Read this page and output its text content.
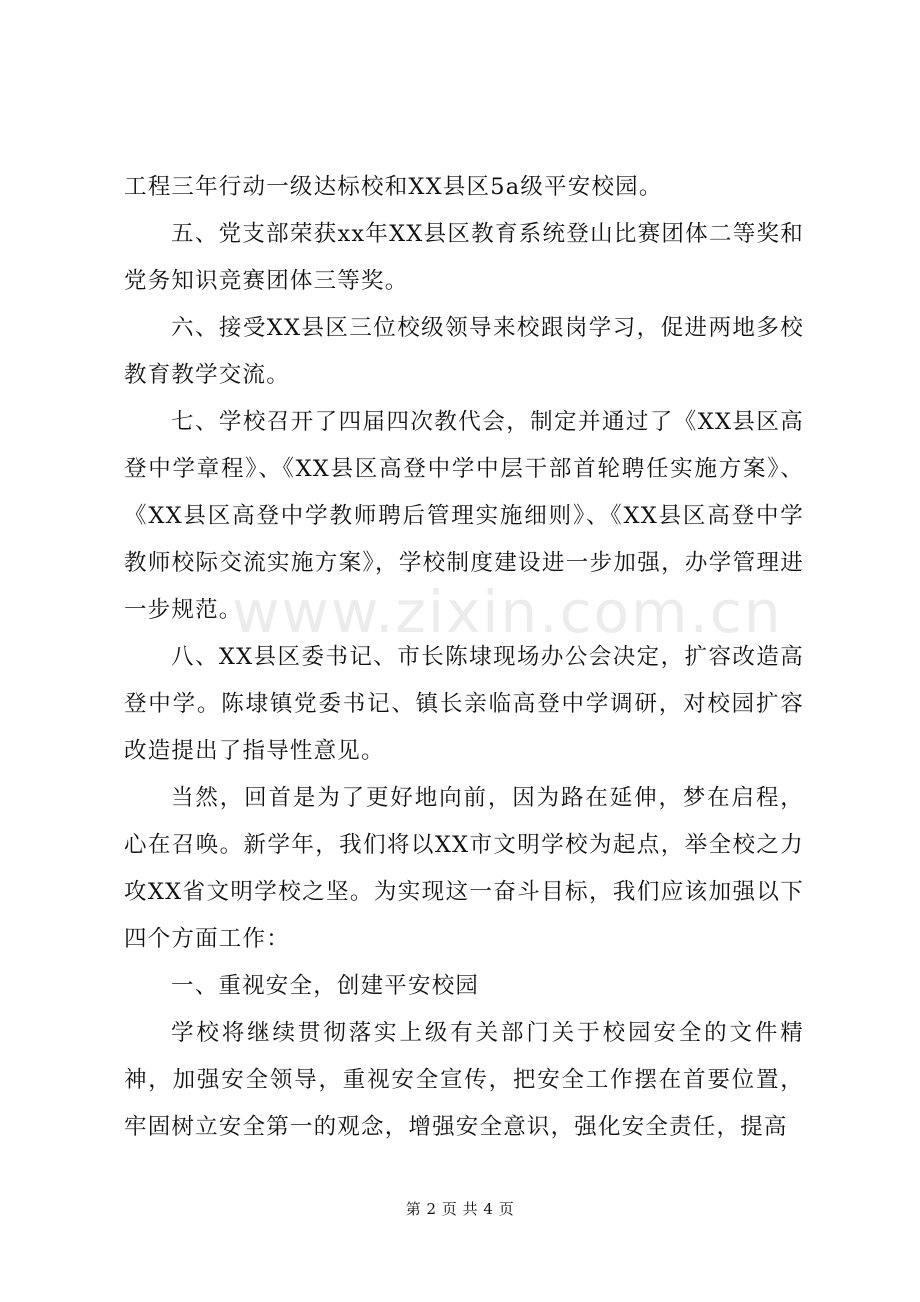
工程三年行动一级达标校和XX县区5a级平安校园。

五、党支部荣获xx年XX县区教育系统登山比赛团体二等奖和党务知识竞赛团体三等奖。

六、接受XX县区三位校级领导来校跟岗学习，促进两地多校教育教学交流。

七、学校召开了四届四次教代会，制定并通过了《XX县区高登中学章程》、《XX县区高登中学中层干部首轮聘任实施方案》、《XX县区高登中学教师聘后管理实施细则》、《XX县区高登中学教师校际交流实施方案》，学校制度建设进一步加强，办学管理进一步规范。

八、XX县区委书记、市长陈埭现场办公会决定，扩容改造高登中学。陈埭镇党委书记、镇长亲临高登中学调研，对校园扩容改造提出了指导性意见。

当然，回首是为了更好地向前，因为路在延伸，梦在启程，心在召唤。新学年，我们将以XX市文明学校为起点，举全校之力攻XX省文明学校之坚。为实现这一奋斗目标，我们应该加强以下四个方面工作：

一、重视安全，创建平安校园

学校将继续贯彻落实上级有关部门关于校园安全的文件精神，加强安全领导，重视安全宣传，把安全工作摆在首要位置，牢固树立安全第一的观念，增强安全意识，强化安全责任，提高

www.zixin.com.cn
第 2 页 共 4 页
